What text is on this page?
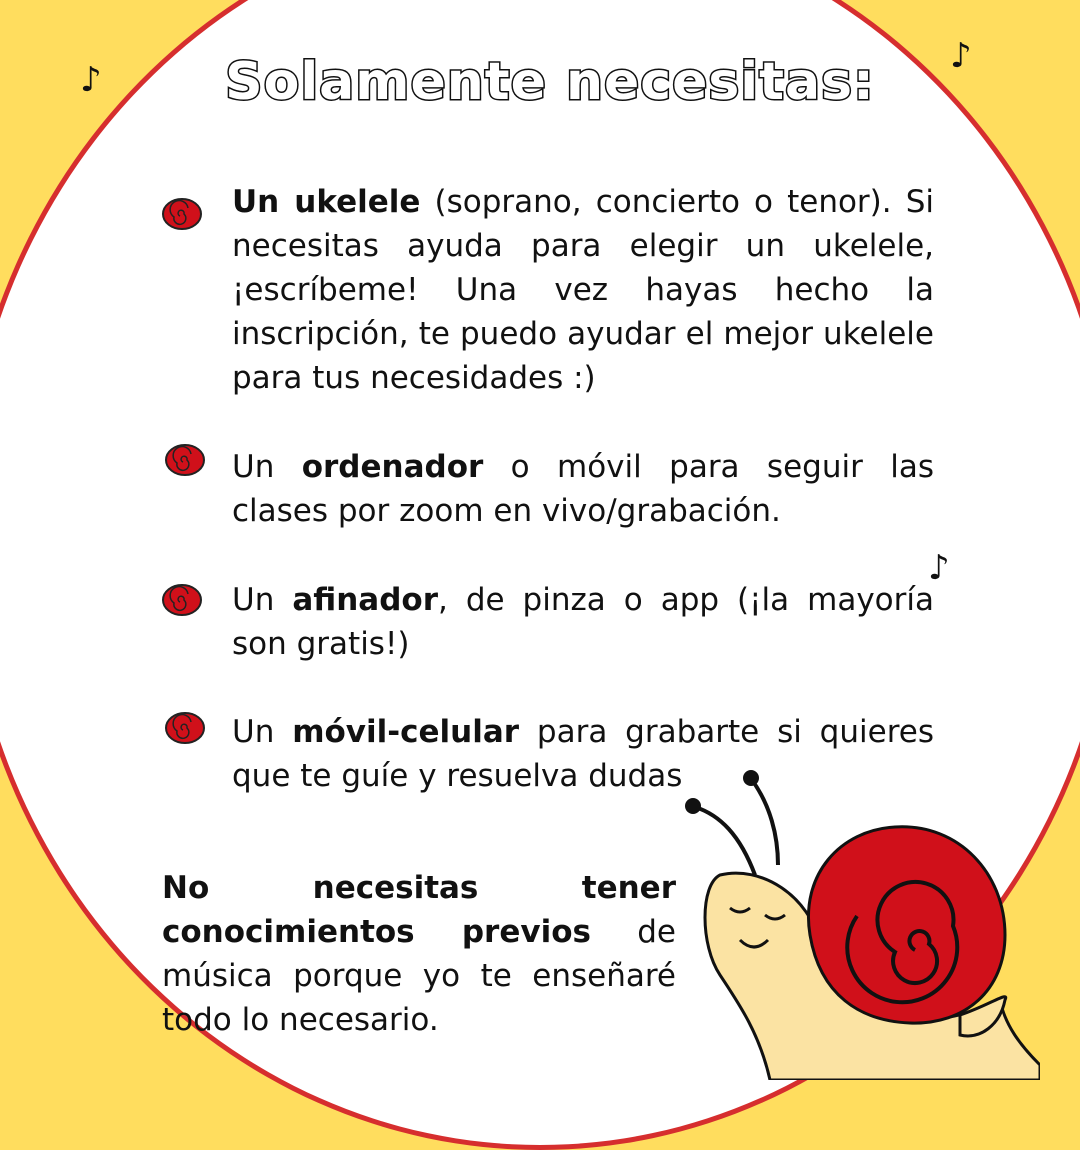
Solamente necesitas:
♪
♪
♪
Un ukelele (soprano, concierto o tenor). Si necesitas ayuda para elegir un ukelele, ¡escríbeme! Una vez hayas hecho la inscripción, te puedo ayudar el mejor ukelele para tus necesidades :)
Un ordenador o móvil para seguir las clases por zoom en vivo/grabación.
Un afinador, de pinza o app (¡la mayoría son gratis!)
Un móvil-celular para grabarte si quieres que te guíe y resuelva dudas
No necesitas tener conocimientos previos de música porque yo te enseñaré todo lo necesario.
